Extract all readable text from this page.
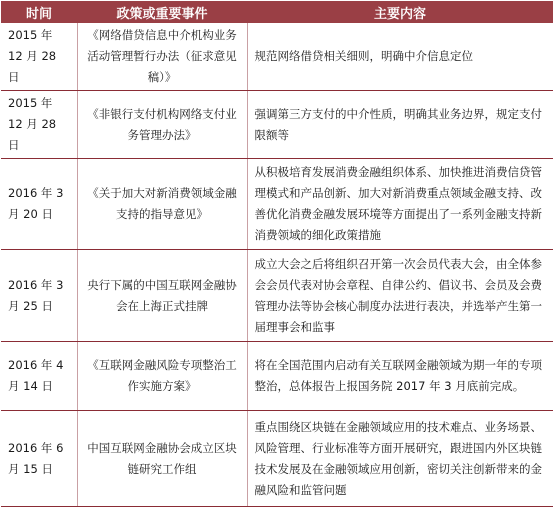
时间	政策或重要事件	主要内容

2015 年 12 月 28 日	《网络借贷信息中介机构业务活动管理暂行办法（征求意见稿）》	规范网络借贷相关细则，明确中介信息定位

2015 年 12 月 28 日	《非银行支付机构网络支付业务管理办法》	强调第三方支付的中介性质，明确其业务边界，规定支付限额等

2016 年 3 月 20 日	《关于加大对新消费领域金融支持的指导意见》	从积极培育发展消费金融组织体系、加快推进消费信贷管理模式和产品创新、加大对新消费重点领域金融支持、改善优化消费金融发展环境等方面提出了一系列金融支持新消费领域的细化政策措施

2016 年 3 月 25 日	央行下属的中国互联网金融协会在上海正式挂牌	成立大会之后将组织召开第一次会员代表大会，由全体参会会员代表对协会章程、自律公约、倡议书、会员及会费管理办法等协会核心制度办法进行表决，并选举产生第一届理事会和监事

2016 年 4 月 14 日	《互联网金融风险专项整治工作实施方案》	将在全国范围内启动有关互联网金融领域为期一年的专项整治，总体报告上报国务院 2017 年 3 月底前完成。

2016 年 6 月 15 日	中国互联网金融协会成立区块链研究工作组	重点围绕区块链在金融领域应用的技术难点、业务场景、风险管理、行业标准等方面开展研究，跟进国内外区块链技术发展及在金融领域应用创新，密切关注创新带来的金融风险和监管问题
